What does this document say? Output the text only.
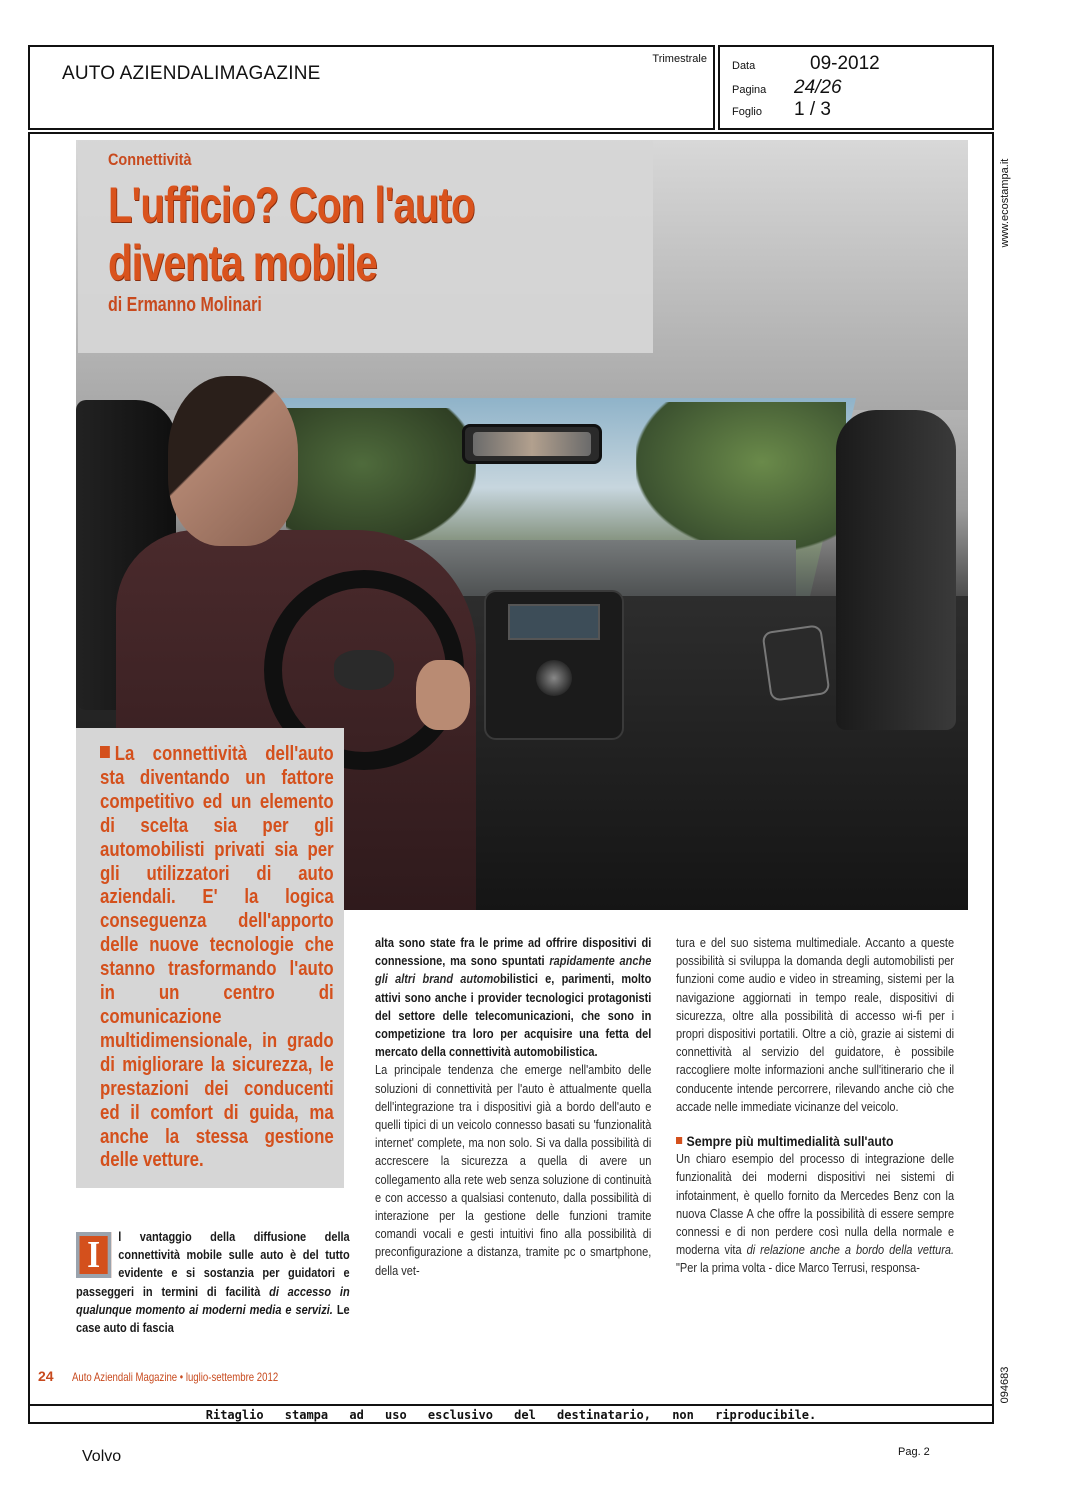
AUTO AZIENDALIMAGAZINE
Trimestrale
Data	09-2012
Pagina	24/26
Foglio	1 / 3
Connettività
L'ufficio? Con l'auto
diventa mobile
di Ermanno Molinari

La connettività dell'auto sta diventando un fattore competitivo ed un elemento di scelta sia per gli automobilisti privati sia per gli utilizzatori di auto aziendali. E' la logica conseguenza dell'apporto delle nuove tecnologie che stanno trasformando l'auto in un centro di comunicazione multidimensionale, in grado di migliorare la sicurezza, le prestazioni dei conducenti ed il comfort di guida, ma anche la stessa gestione delle vetture.

I l vantaggio della diffusione della connettività mobile sulle auto è del tutto evidente e si sostanzia per guidatori e passeggeri in termini di facilità di accesso in qualunque momento ai moderni media e servizi. Le case auto di fascia

alta sono state fra le prime ad offrire dispositivi di connessione, ma sono spuntati rapidamente anche gli altri brand automobilistici e, parimenti, molto attivi sono anche i provider tecnologici protagonisti del settore delle telecomunicazioni, che sono in competizione tra loro per acquisire una fetta del mercato della connettività automobilistica.

La principale tendenza che emerge nell'ambito delle soluzioni di connettività per l'auto è attualmente quella dell'integrazione tra i dispositivi già a bordo dell'auto e quelli tipici di un veicolo connesso basati su 'funzionalità internet' complete, ma non solo. Si va dalla possibilità di accrescere la sicurezza a quella di avere un collegamento alla rete web senza soluzione di continuità e con accesso a qualsiasi contenuto, dalla possibilità di interazione per la gestione delle funzioni tramite comandi vocali e gesti intuitivi fino alla possibilità di preconfigurazione a distanza, tramite pc o smartphone, della vet-

tura e del suo sistema multimediale. Accanto a queste possibilità si sviluppa la domanda degli automobilisti per funzioni come audio e video in streaming, sistemi per la navigazione aggiornati in tempo reale, dispositivi di sicurezza, oltre alla possibilità di accesso wi-fi per i propri dispositivi portatili. Oltre a ciò, grazie ai sistemi di connettività al servizio del guidatore, è possibile raccogliere molte informazioni anche sull'itinerario che il conducente intende percorrere, rilevando anche ciò che accade nelle immediate vicinanze del veicolo.

Sempre più multimedialità sull'auto

Un chiaro esempio del processo di integrazione delle funzionalità dei moderni dispositivi nei sistemi di infotainment, è quello fornito da Mercedes Benz con la nuova Classe A che offre la possibilità di essere sempre connessi e di non perdere così nulla della normale e moderna vita di relazione anche a bordo della vettura. "Per la prima volta - dice Marco Terrusi, responsa-

24 Auto Aziendali Magazine • luglio-settembre 2012
www.ecostampa.it
094683
Ritaglio stampa ad uso esclusivo del destinatario, non riproducibile.
Volvo	Pag. 2
